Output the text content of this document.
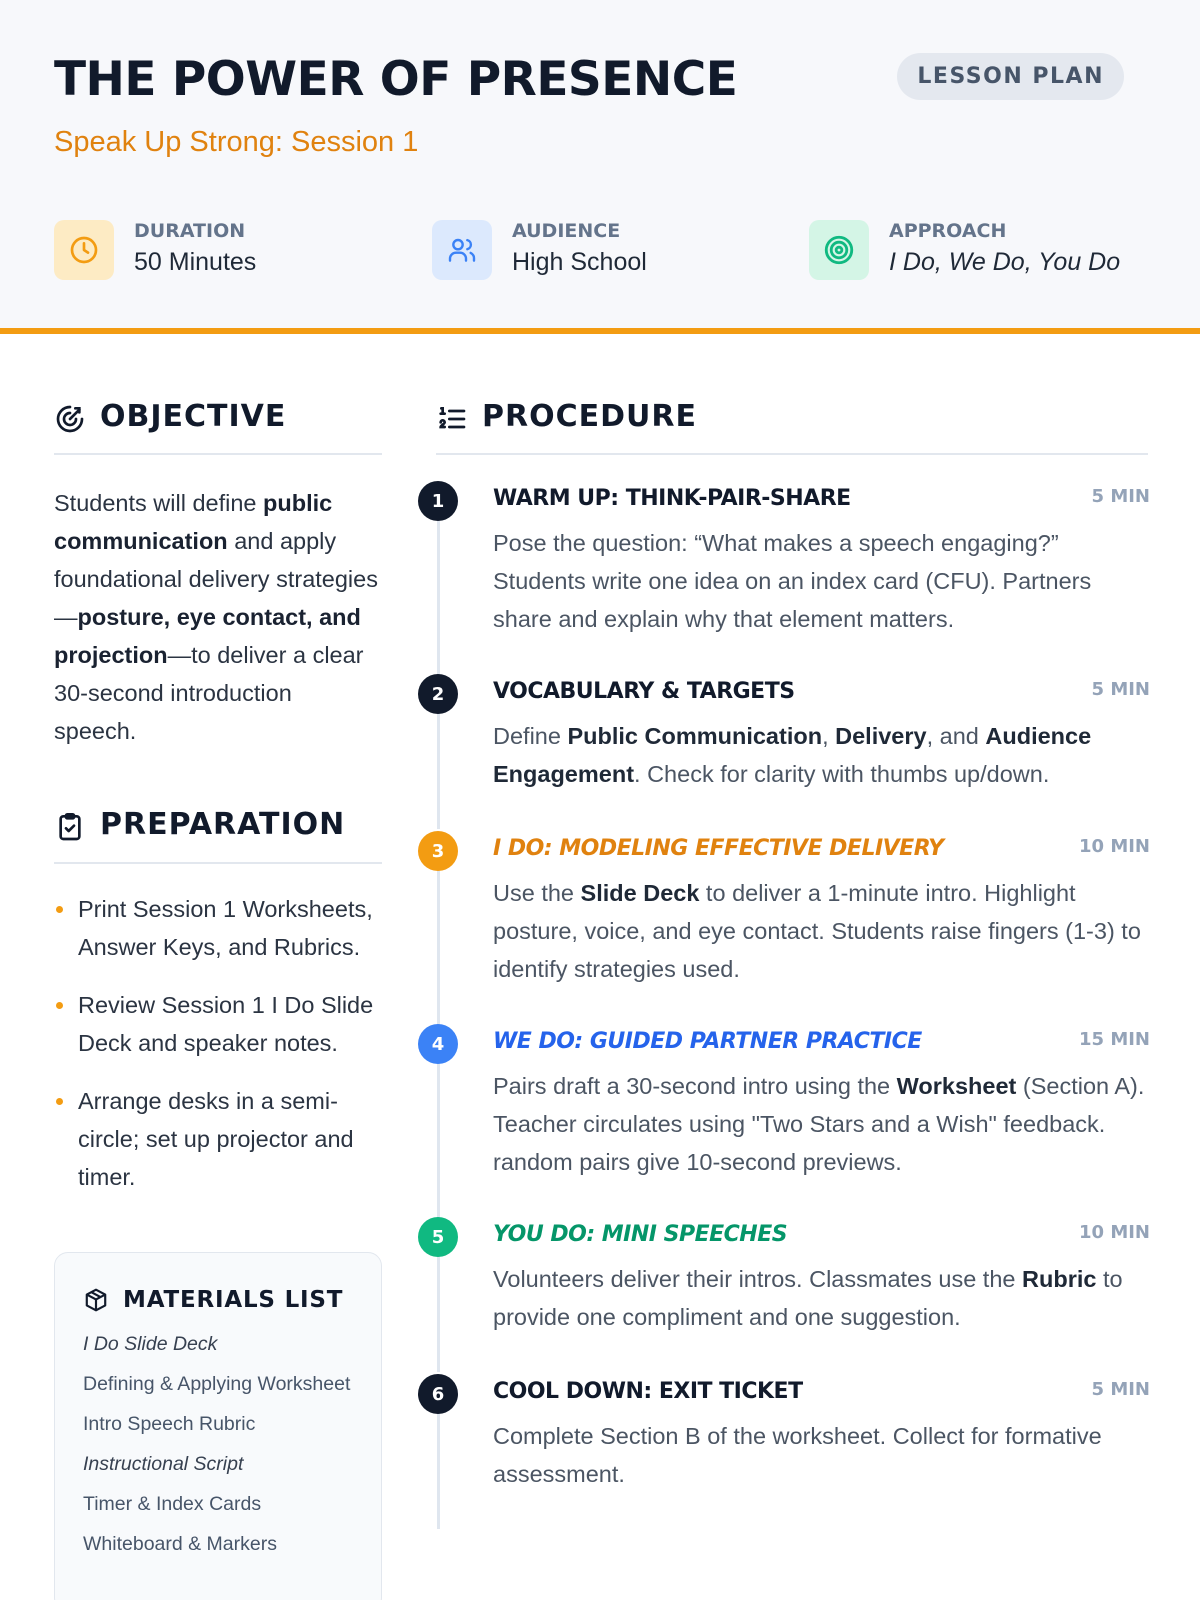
THE POWER OF PRESENCE
Speak Up Strong: Session 1
LESSON PLAN
DURATION
50 Minutes
AUDIENCE
High School
APPROACH
I Do, We Do, You Do
OBJECTIVE
Students will define public communication and apply foundational delivery strategies—posture, eye contact, and projection—to deliver a clear 30-second introduction speech.
PREPARATION
Print Session 1 Worksheets, Answer Keys, and Rubrics.
Review Session 1 I Do Slide Deck and speaker notes.
Arrange desks in a semi-circle; set up projector and timer.
MATERIALS LIST
I Do Slide Deck
Defining & Applying Worksheet
Intro Speech Rubric
Instructional Script
Timer & Index Cards
Whiteboard & Markers
PROCEDURE
1	WARM UP: THINK-PAIR-SHARE	5 MIN
Pose the question: “What makes a speech engaging?” Students write one idea on an index card (CFU). Partners share and explain why that element matters.
2	VOCABULARY & TARGETS	5 MIN
Define Public Communication, Delivery, and Audience Engagement. Check for clarity with thumbs up/down.
3	I DO: MODELING EFFECTIVE DELIVERY	10 MIN
Use the Slide Deck to deliver a 1-minute intro. Highlight posture, voice, and eye contact. Students raise fingers (1-3) to identify strategies used.
4	WE DO: GUIDED PARTNER PRACTICE	15 MIN
Pairs draft a 30-second intro using the Worksheet (Section A). Teacher circulates using "Two Stars and a Wish" feedback. random pairs give 10-second previews.
5	YOU DO: MINI SPEECHES	10 MIN
Volunteers deliver their intros. Classmates use the Rubric to provide one compliment and one suggestion.
6	COOL DOWN: EXIT TICKET	5 MIN
Complete Section B of the worksheet. Collect for formative assessment.
